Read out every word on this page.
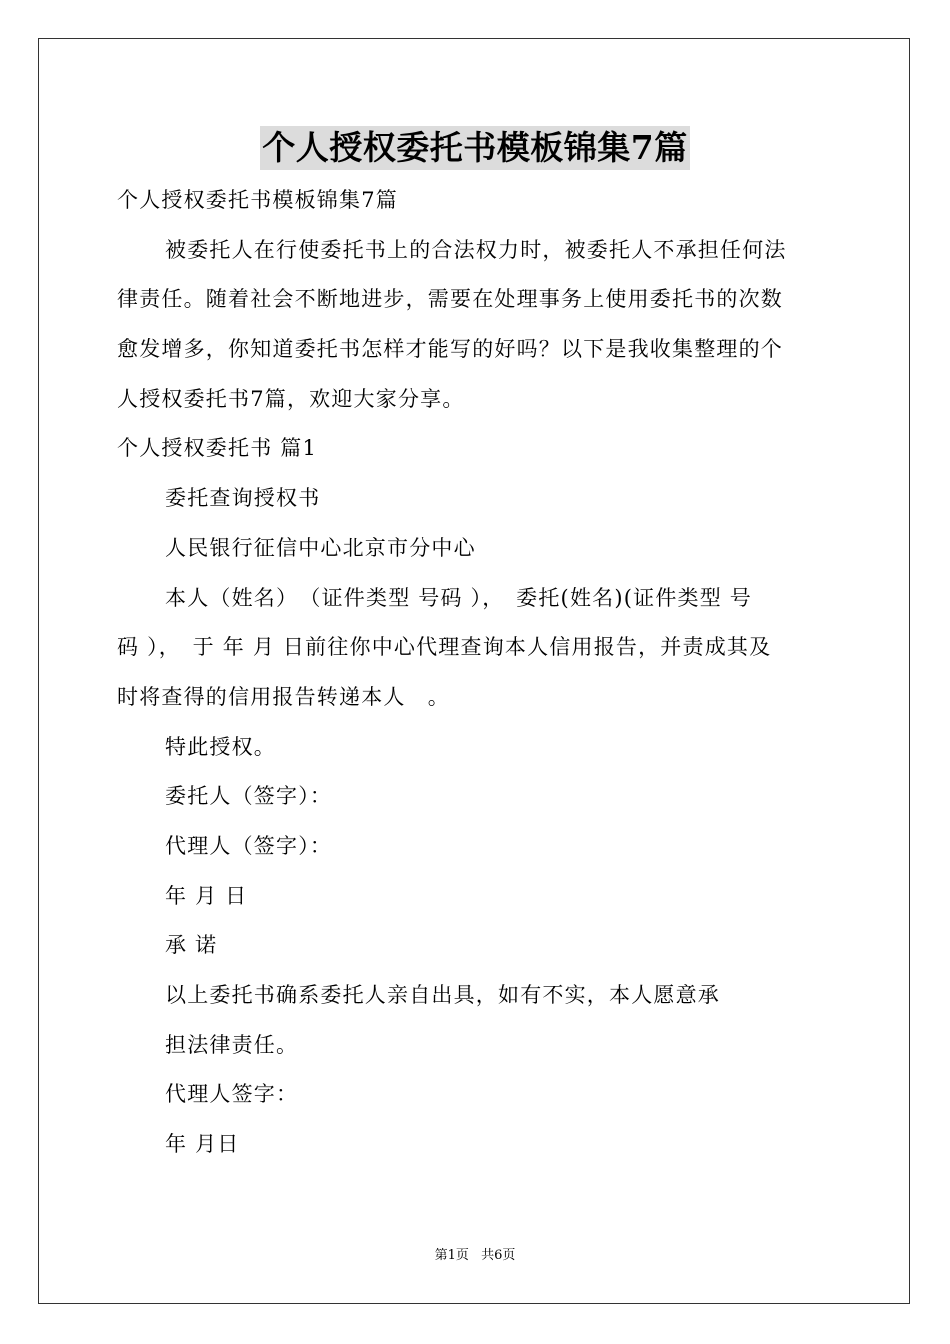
个人授权委托书模板锦集7篇
个人授权委托书模板锦集7篇
被委托人在行使委托书上的合法权力时，被委托人不承担任何法
律责任。随着社会不断地进步，需要在处理事务上使用委托书的次数
愈发增多，你知道委托书怎样才能写的好吗？以下是我收集整理的个
人授权委托书7篇，欢迎大家分享。
个人授权委托书 篇1
委托查询授权书
人民银行征信中心北京市分中心
本人（姓名）　（证件类型 号码 ），　委托(姓名)(证件类型 号
码 ），　于 年 月 日前往你中心代理查询本人信用报告，并责成其及
时将查得的信用报告转递本人　。
特此授权。
委托人（签字）：
代理人（签字）：
年 月 日
承 诺
以上委托书确系委托人亲自出具，如有不实，本人愿意承
担法律责任。
代理人签字：
年 月日
第1页 共6页
